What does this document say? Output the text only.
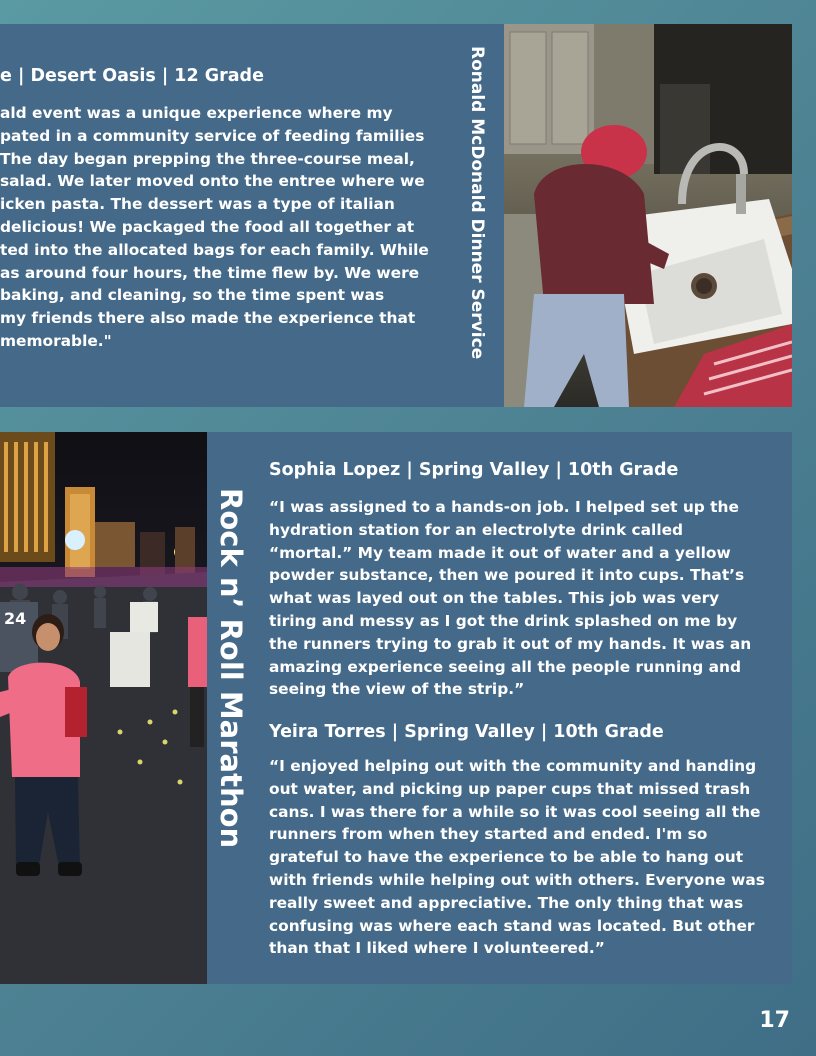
e | Desert Oasis | 12 Grade

ald event was a unique experience where my

pated in a community service of feeding families

The day began prepping the three-course meal,

salad. We later moved onto the entree where we

icken pasta. The dessert was a type of italian

delicious! We packaged the food all together at

ted into the allocated bags for each family. While

as around four hours, the time flew by. We were

baking, and cleaning, so the time spent was

my friends there also made the experience that

memorable."	Ronald McDonald Dinner Service
24	Rock n’ Roll Marathon
Sophia Lopez | Spring Valley | 10th Grade

“I was assigned to a hands-on job. I helped set up the

hydration station for an electrolyte drink called

“mortal.” My team made it out of water and a yellow

powder substance, then we poured it into cups. That’s

what was layed out on the tables. This job was very

tiring and messy as I got the drink splashed on me by

the runners trying to grab it out of my hands. It was an

amazing experience seeing all the people running and

seeing the view of the strip.”

Yeira Torres | Spring Valley | 10th Grade

“I enjoyed helping out with the community and handing

out water, and picking up paper cups that missed trash

cans. I was there for a while so it was cool seeing all the

runners from when they started and ended. I'm so

grateful to have the experience to be able to hang out

with friends while helping out with others. Everyone was

really sweet and appreciative. The only thing that was

confusing was where each stand was located. But other

than that I liked where I volunteered.”

17
